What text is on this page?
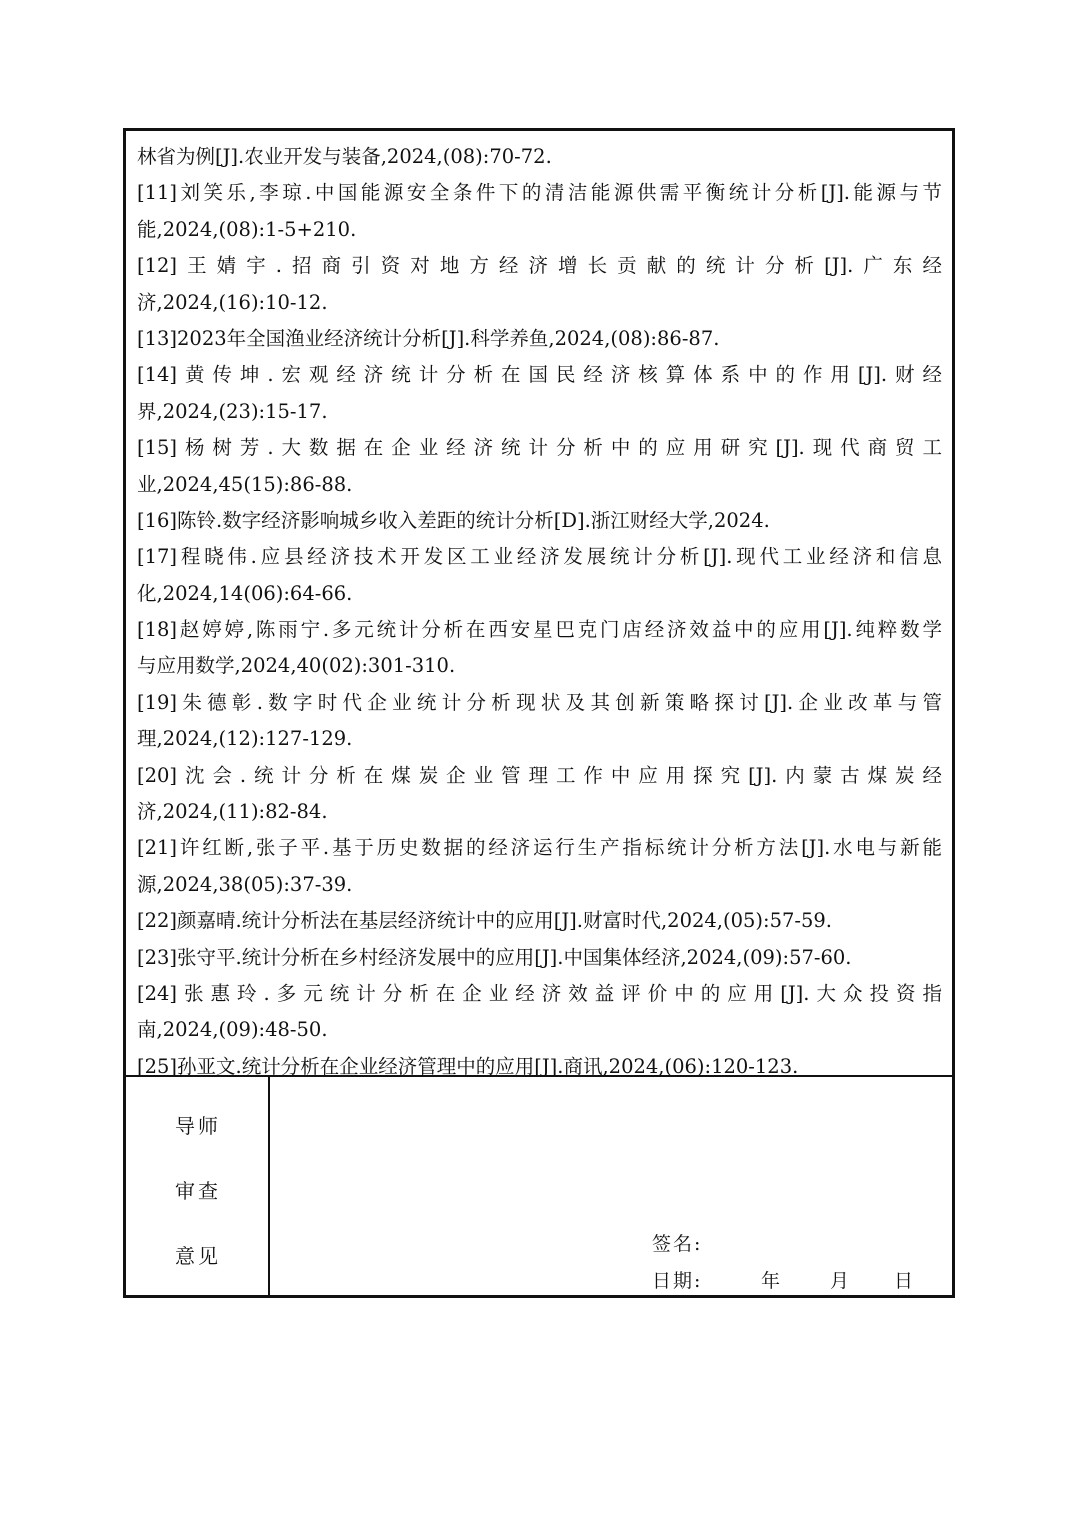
林省为例[J].农业开发与装备,2024,(08):70-72.
[11]刘笑乐,李琼.中国能源安全条件下的清洁能源供需平衡统计分析[J].能源与节
能,2024,(08):1-5+210.
[12]王婧宇.招商引资对地方经济增长贡献的统计分析[J].广东经
济,2024,(16):10-12.
[13]2023年全国渔业经济统计分析[J].科学养鱼,2024,(08):86-87.
[14]黄传坤.宏观经济统计分析在国民经济核算体系中的作用[J].财经
界,2024,(23):15-17.
[15]杨树芳.大数据在企业经济统计分析中的应用研究[J].现代商贸工
业,2024,45(15):86-88.
[16]陈铃.数字经济影响城乡收入差距的统计分析[D].浙江财经大学,2024.
[17]程晓伟.应县经济技术开发区工业经济发展统计分析[J].现代工业经济和信息
化,2024,14(06):64-66.
[18]赵婷婷,陈雨宁.多元统计分析在西安星巴克门店经济效益中的应用[J].纯粹数学
与应用数学,2024,40(02):301-310.
[19]朱德彰.数字时代企业统计分析现状及其创新策略探讨[J].企业改革与管
理,2024,(12):127-129.
[20]沈会.统计分析在煤炭企业管理工作中应用探究[J].内蒙古煤炭经
济,2024,(11):82-84.
[21]许红断,张子平.基于历史数据的经济运行生产指标统计分析方法[J].水电与新能
源,2024,38(05):37-39.
[22]颜嘉晴.统计分析法在基层经济统计中的应用[J].财富时代,2024,(05):57-59.
[23]张守平.统计分析在乡村经济发展中的应用[J].中国集体经济,2024,(09):57-60.
[24]张惠玲.多元统计分析在企业经济效益评价中的应用[J].大众投资指
南,2024,(09):48-50.
[25]孙亚文.统计分析在企业经济管理中的应用[J].商讯,2024,(06):120-123.
导师
审查
意见	签名:
日期:	年	月 日
